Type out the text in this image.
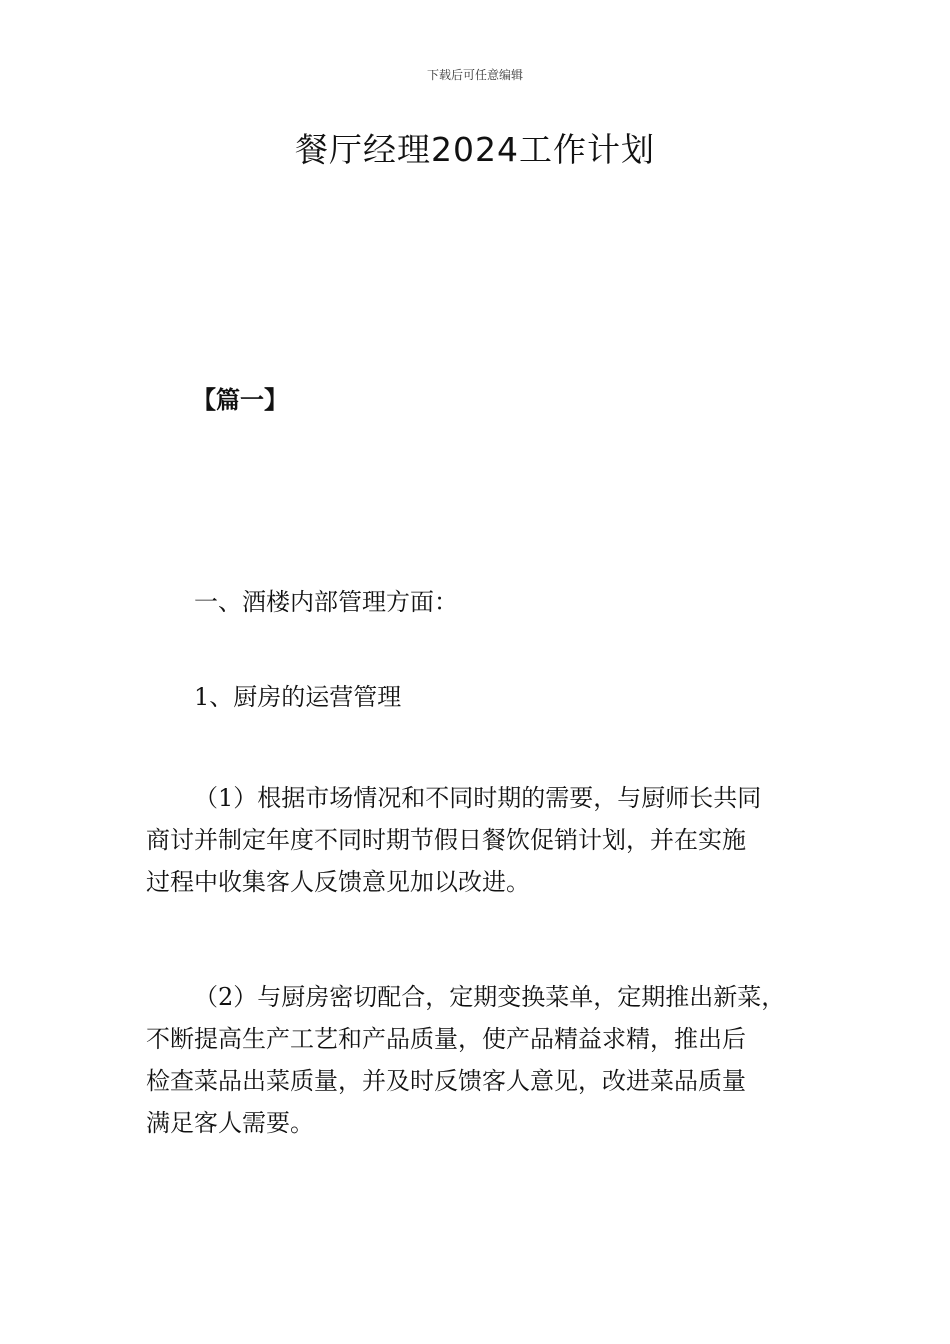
下载后可任意编辑
餐厅经理2024工作计划
【篇一】
一、酒楼内部管理方面：
1、厨房的运营管理
（1）根据市场情况和不同时期的需要，与厨师长共同
商讨并制定年度不同时期节假日餐饮促销计划，并在实施
过程中收集客人反馈意见加以改进。
（2）与厨房密切配合，定期变换菜单，定期推出新菜，
不断提高生产工艺和产品质量，使产品精益求精，推出后
检查菜品出菜质量，并及时反馈客人意见，改进菜品质量
满足客人需要。
